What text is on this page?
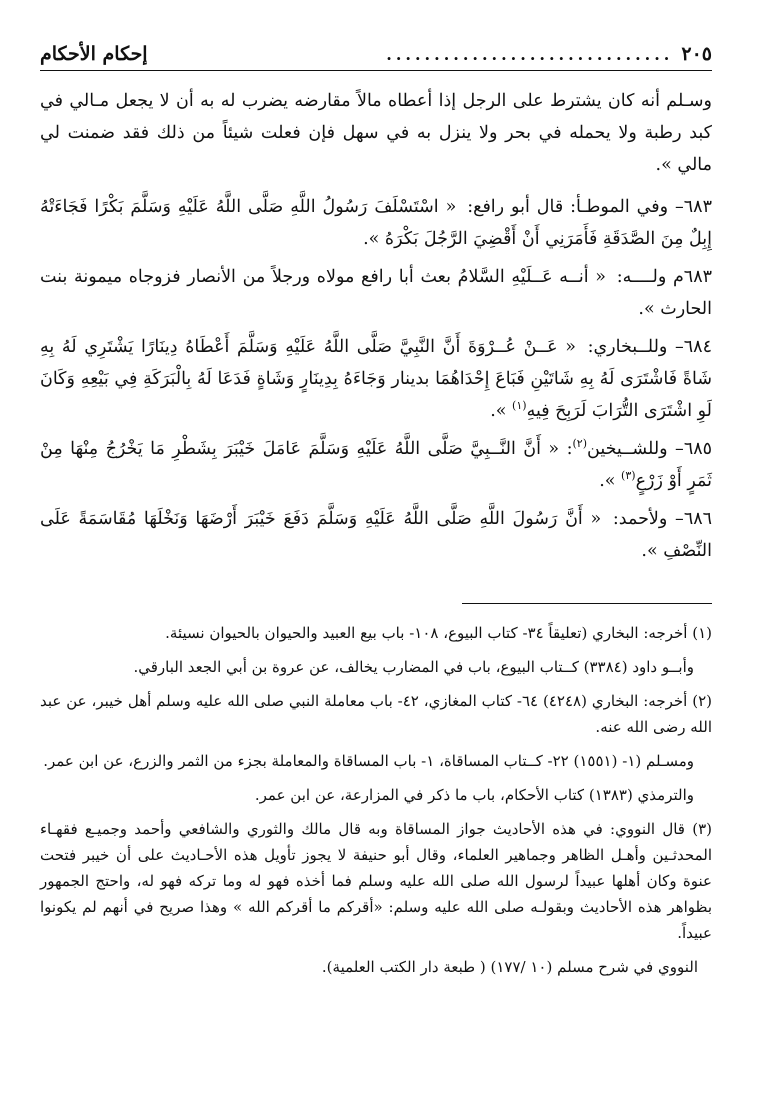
٢٠٥
..............................
إحكام الأحكام

وسـلم أنه كان يشترط على الرجل إذا أعطاه مالاً مقارضه يضرب له به أن لا يجعل مـالي في كبد رطبة ولا يحمله في بحر ولا ينزل به في سهل فإن فعلت شيئاً من ذلك فقد ضمنت لي مالي ».

٦٨٣– وفي الموطـأ: قال أبو رافع: « اسْتَسْلَفَ رَسُولُ اللَّهِ صَلَّى اللَّهُ عَلَيْهِ وَسَلَّمَ بَكْرًا فَجَاءَتْهُ إِبِلٌ مِنَ الصَّدَقَةِ فَأَمَرَنِي أَنْ أَقْضِيَ الرَّجُلَ بَكْرَهُ ».

٦٨٣م ولــــه: « أنــه عَــلَيْهِ السَّلامُ بعث أبا رافع مولاه ورجلاً من الأنصار فزوجاه ميمونة بنت الحارث ».

٦٨٤– وللــبخاري: « عَــنْ عُــرْوَةَ أَنَّ النَّبِيَّ صَلَّى اللَّهُ عَلَيْهِ وَسَلَّمَ أَعْطَاهُ دِينَارًا يَشْتَرِي لَهُ بِهِ شَاةً فَاشْتَرَى لَهُ بِهِ شَاتَيْنِ فَبَاعَ إِحْدَاهُمَا بدينار وَجَاءَهُ بِدِينَارٍ وَشَاةٍ فَدَعَا لَهُ بِالْبَرَكَةِ فِي بَيْعِهِ وَكَانَ لَوِ اشْتَرَى التُّرَابَ لَرَبِحَ فِيهِ$^{(١)}$ ».

٦٨٥– وللشــيخين$^{(٢)}$: « أَنَّ النَّــبِيَّ صَلَّى اللَّهُ عَلَيْهِ وَسَلَّمَ عَامَلَ خَيْبَرَ بِشَطْرِ مَا يَخْرُجُ مِنْهَا مِنْ ثَمَرٍ أَوْ زَرْعٍ$^{(٣)}$ ».

٦٨٦– ولأحمد: « أَنَّ رَسُولَ اللَّهِ صَلَّى اللَّهُ عَلَيْهِ وَسَلَّمَ دَفَعَ خَيْبَرَ أَرْضَهَا وَنَخْلَهَا مُقَاسَمَةً عَلَى النِّصْفِ ».

(١) أخرجه: البخاري (تعليقاً ٣٤- كتاب البيوع، ١٠٨- باب بيع العبيد والحيوان بالحيوان نسيئة.

وأبــو داود (٣٣٨٤) كــتاب البيوع، باب في المضارب يخالف، عن عروة بن أبي الجعد البارقي.

(٢) أخرجه: البخاري (٤٢٤٨) ٦٤- كتاب المغازي، ٤٢- باب معاملة النبي صلى الله عليه وسلم أهل خيبر، عن عبد الله رضى الله عنه.

ومسـلم (١- (١٥٥١) ٢٢- كــتاب المساقاة، ١- باب المساقاة والمعاملة بجزء من الثمر والزرع، عن ابن عمر.

والترمذي (١٣٨٣) كتاب الأحكام، باب ما ذكر في المزارعة، عن ابن عمر.

(٣) قال النووي: في هذه الأحاديث جواز المساقاة وبه قال مالك والثوري والشافعي وأحمد وجميـع فقهـاء المحدثـين وأهـل الظاهر وجماهير العلماء، وقال أبو حنيفة لا يجوز تأويل هذه الأحـاديث على أن خيبر فتحت عنوة وكان أهلها عبيداً لرسول الله صلى الله عليه وسلم فما أخذه فهو له وما تركه فهو له، واحتج الجمهور بظواهر هذه الأحاديث وبقولـه صلى الله عليه وسلم: «أقركم ما أقركم الله » وهذا صريح في أنهم لم يكونوا عبيداً.

النووي في شرح مسلم (١٠ /١٧٧) ( طبعة دار الكتب العلمية).
